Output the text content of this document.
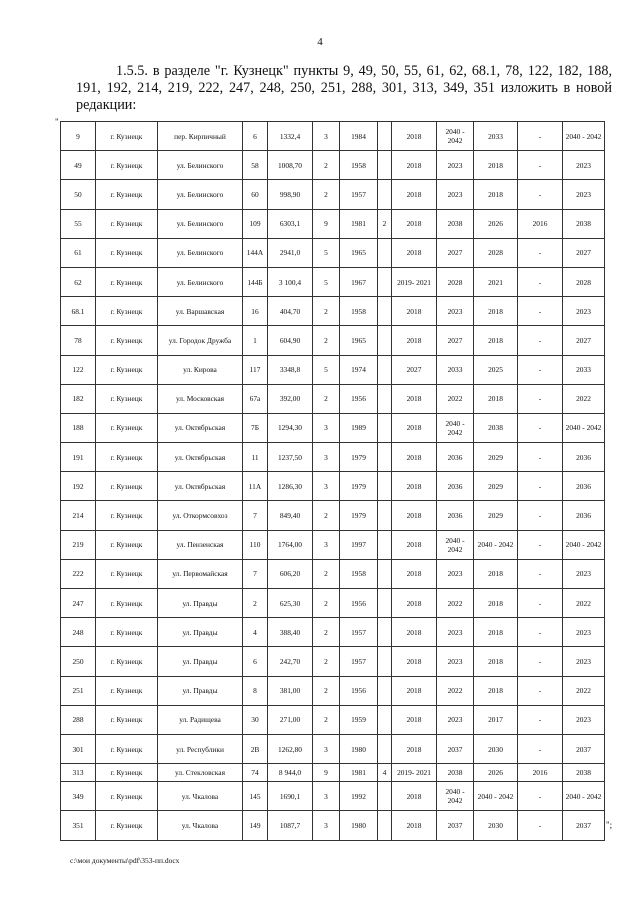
4
1.5.5. в разделе "г. Кузнецк" пункты 9, 49, 50, 55, 61, 62, 68.1, 78, 122, 182, 188, 191, 192, 214, 219, 222, 247, 248, 250, 251, 288, 301, 313, 349, 351 изложить в новой редакции:
"
9	г. Кузнецк	пер. Кирпичный	6	1332,4	3	1984		2018	2040 - 2042	2033	-	2040 - 2042
49	г. Кузнецк	ул. Белинского	58	1008,70	2	1958		2018	2023	2018	-	2023
50	г. Кузнецк	ул. Белинского	60	998,90	2	1957		2018	2023	2018	-	2023
55	г. Кузнецк	ул. Белинского	109	6303,1	9	1981	2	2018	2038	2026	2016	2038
61	г. Кузнецк	ул. Белинского	144А	2941,0	5	1965		2018	2027	2028	-	2027
62	г. Кузнецк	ул. Белинского	144Б	3 100,4	5	1967		2019- 2021	2028	2021	-	2028
68.1	г. Кузнецк	ул. Варшавская	16	404,70	2	1958		2018	2023	2018	-	2023
78	г. Кузнецк	ул. Городок Дружба	1	604,90	2	1965		2018	2027	2018	-	2027
122	г. Кузнецк	ул. Кирова	117	3348,8	5	1974		2027	2033	2025	-	2033
182	г. Кузнецк	ул. Московская	67а	392,00	2	1956		2018	2022	2018	-	2022
188	г. Кузнецк	ул. Октябрьская	7Б	1294,30	3	1989		2018	2040 - 2042	2038	-	2040 - 2042
191	г. Кузнецк	ул. Октябрьская	11	1237,50	3	1979		2018	2036	2029	-	2036
192	г. Кузнецк	ул. Октябрьская	11А	1286,30	3	1979		2018	2036	2029	-	2036
214	г. Кузнецк	ул. Откормсовхоз	7	849,40	2	1979		2018	2036	2029	-	2036
219	г. Кузнецк	ул. Пензенская	110	1764,00	3	1997		2018	2040 - 2042	2040 - 2042	-	2040 - 2042
222	г. Кузнецк	ул. Первомайская	7	606,20	2	1958		2018	2023	2018	-	2023
247	г. Кузнецк	ул. Правды	2	625,30	2	1956		2018	2022	2018	-	2022
248	г. Кузнецк	ул. Правды	4	388,40	2	1957		2018	2023	2018	-	2023
250	г. Кузнецк	ул. Правды	6	242,70	2	1957		2018	2023	2018	-	2023
251	г. Кузнецк	ул. Правды	8	381,00	2	1956		2018	2022	2018	-	2022
288	г. Кузнецк	ул. Радищева	30	271,00	2	1959		2018	2023	2017	-	2023
301	г. Кузнецк	ул. Республики	2В	1262,80	3	1980		2018	2037	2030	-	2037
313	г. Кузнецк	ул. Стекловская	74	8 944,0	9	1981	4	2019- 2021	2038	2026	2016	2038
349	г. Кузнецк	ул. Чкалова	145	1690,1	3	1992		2018	2040 - 2042	2040 - 2042	-	2040 - 2042
351	г. Кузнецк	ул. Чкалова	149	1087,7	3	1980		2018	2037	2030	-	2037 ";
c:\мои документы\pdf\353-пп.docx
